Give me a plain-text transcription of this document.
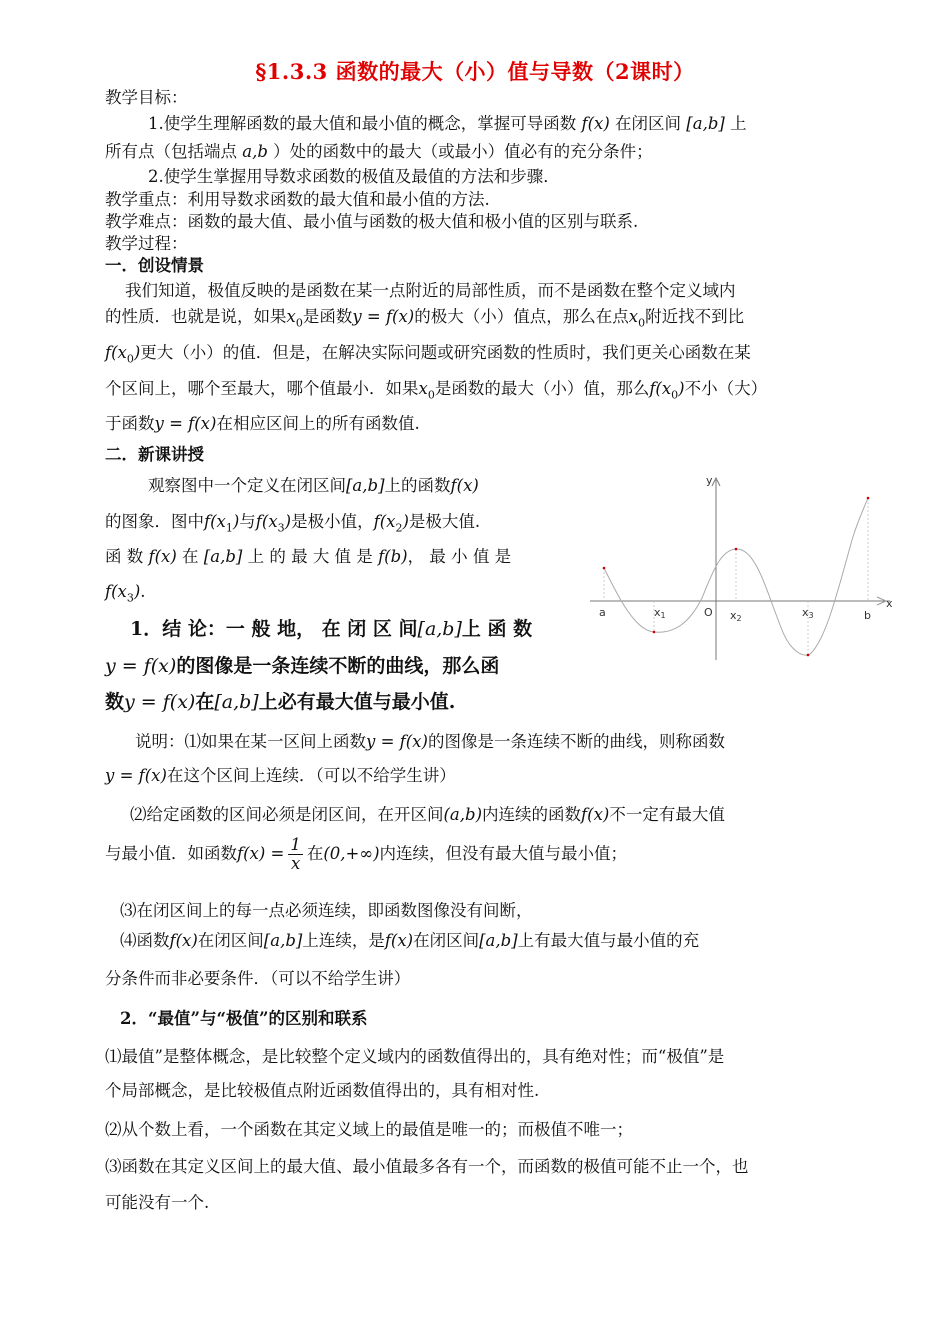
§1.3.3 函数的最大（小）值与导数（2课时）
教学目标：
1.使学生理解函数的最大值和最小值的概念，掌握可导函数 f(x) 在闭区间 [a,b] 上
所有点（包括端点 a,b ）处的函数中的最大（或最小）值必有的充分条件；
2.使学生掌握用导数求函数的极值及最值的方法和步骤．
教学重点：利用导数求函数的最大值和最小值的方法.
教学难点：函数的最大值、最小值与函数的极大值和极小值的区别与联系.
教学过程：
一．创设情景
我们知道，极值反映的是函数在某一点附近的局部性质，而不是函数在整个定义域内
的性质．也就是说，如果$x_0$是函数y = f(x)的极大（小）值点，那么在点$x_0$附近找不到比
$f(x_0)$更大（小）的值．但是，在解决实际问题或研究函数的性质时，我们更关心函数在某
个区间上，哪个至最大，哪个值最小．如果$x_0$是函数的最大（小）值，那么$f(x_0)$不小（大）
于函数y = f(x)在相应区间上的所有函数值.
二．新课讲授
观察图中一个定义在闭区间[a,b]上的函数f(x)
的图象．图中$f(x_1)$与$f(x_3)$是极小值，$f(x_2)$是极大值.
函 数 f(x) 在 [a,b] 上 的 最 大 值 是 f(b)， 最 小 值 是
$f(x_3)$.
1．结 论：一 般 地， 在 闭 区 间[a,b]上 函 数
y = f(x)的图像是一条连续不断的曲线，那么函
数y = f(x)在[a,b]上必有最大值与最小值.
说明：⑴如果在某一区间上函数y = f(x)的图像是一条连续不断的曲线，则称函数
y = f(x)在这个区间上连续．（可以不给学生讲）
⑵给定函数的区间必须是闭区间，在开区间(a,b)内连续的函数f(x)不一定有最大值
与最小值．如函数$f(x) = \frac{1}{x}$ 在(0,+∞)内连续，但没有最大值与最小值；
⑶在闭区间上的每一点必须连续，即函数图像没有间断，
⑷函数f(x)在闭区间[a,b]上连续，是f(x)在闭区间[a,b]上有最大值与最小值的充
分条件而非必要条件．（可以不给学生讲）
2．“最值”与“极值”的区别和联系
⑴最值”是整体概念，是比较整个定义域内的函数值得出的，具有绝对性；而“极值”是
个局部概念，是比较极值点附近函数值得出的，具有相对性.
⑵从个数上看，一个函数在其定义域上的最值是唯一的；而极值不唯一；
⑶函数在其定义区间上的最大值、最小值最多各有一个，而函数的极值可能不止一个，也
可能没有一个.
y
x
a	x1	O x2	x3	b
